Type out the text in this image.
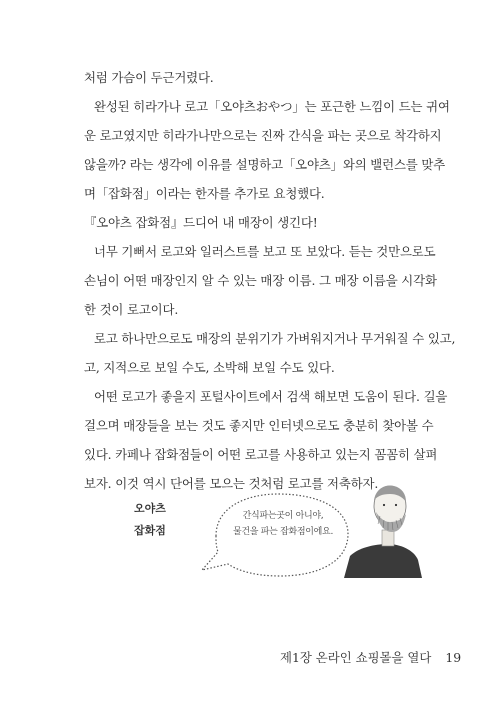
처럼 가슴이 두근거렸다.
완성된 히라가나 로고「오야츠おやつ」는 포근한 느낌이 드는 귀여
운 로고였지만 히라가나만으로는 진짜 간식을 파는 곳으로 착각하지
않을까? 라는 생각에 이유를 설명하고「오야츠」와의 밸런스를 맞추
며「잡화점」이라는 한자를 추가로 요청했다.
『오야츠 잡화점』드디어 내 매장이 생긴다!
너무 기뻐서 로고와 일러스트를 보고 또 보았다. 듣는 것만으로도
손님이 어떤 매장인지 알 수 있는 매장 이름. 그 매장 이름을 시각화
한 것이 로고이다.
로고 하나만으로도 매장의 분위기가 가벼워지거나 무거워질 수 있고,
고, 지적으로 보일 수도, 소박해 보일 수도 있다.
어떤 로고가 좋을지 포털사이트에서 검색 해보면 도움이 된다. 길을
걸으며 매장들을 보는 것도 좋지만 인터넷으로도 충분히 찾아볼 수
있다. 카페나 잡화점들이 어떤 로고를 사용하고 있는지 꼼꼼히 살펴
보자. 이것 역시 단어를 모으는 것처럼 로고를 저축하자.
오야츠
잡화점
간식파는곳이 아니야,
물건을 파는 잡화점이에요.
제1장 온라인 쇼핑몰을 열다 19
